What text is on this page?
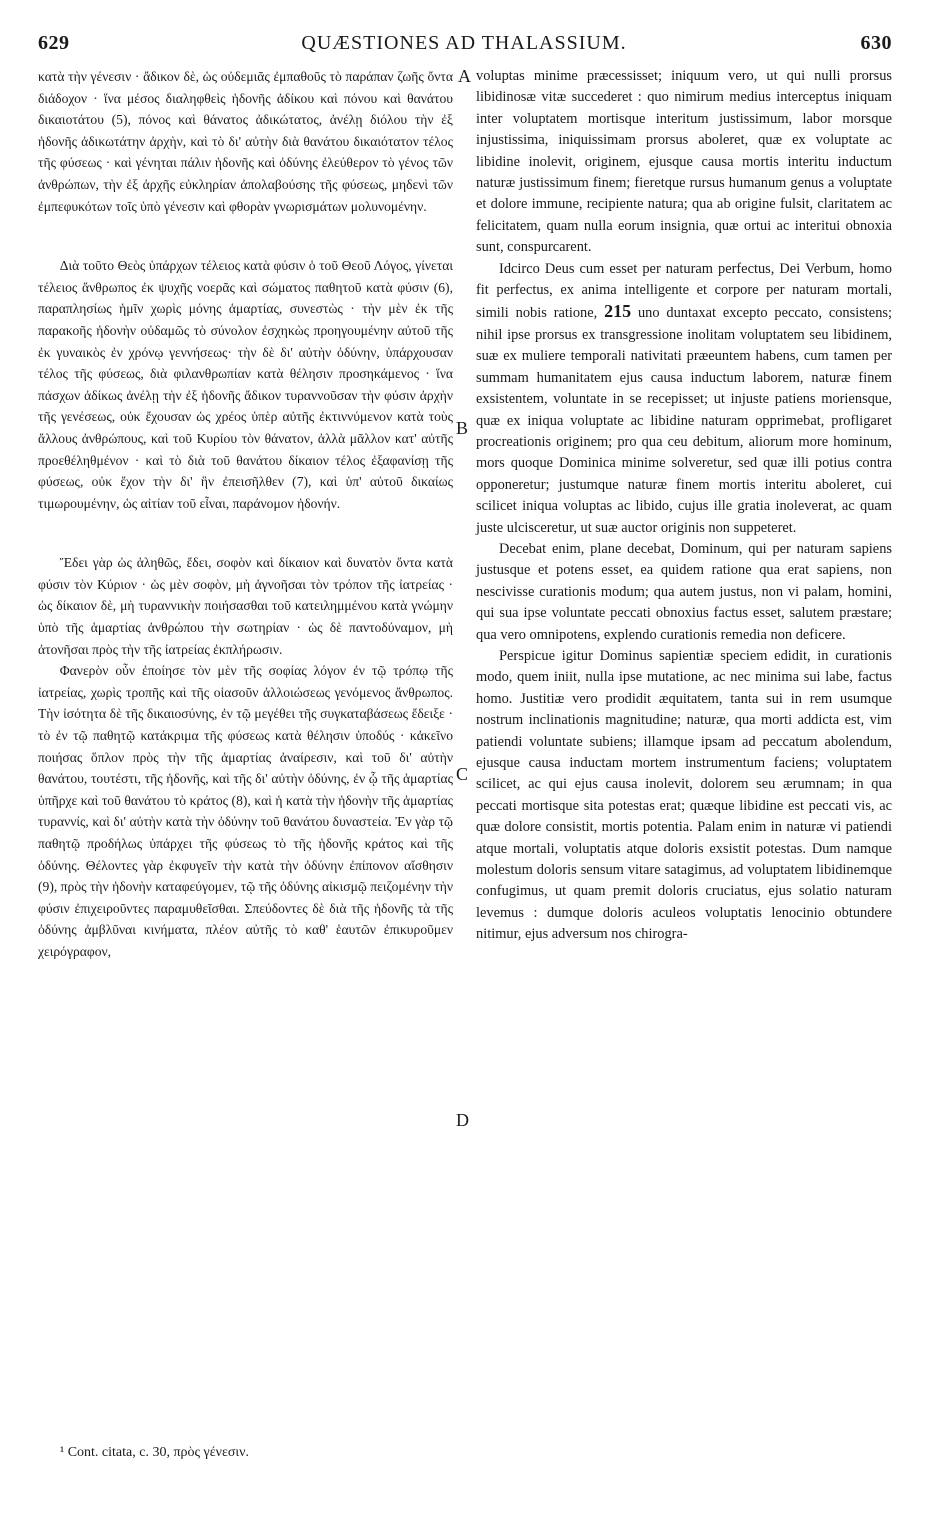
629	QUÆSTIONES AD THALASSIUM.	630

κατὰ τὴν γένεσιν · ἄδικον δὲ, ὡς οὐδεμιᾶς ἐμπαθοῦς τὸ παράπαν ζωῆς ὄντα διάδοχον · ἵνα μέσος διαληφθεὶς ἡδονῆς ἀδίκου καὶ πόνου καὶ θανάτου δικαιοτάτου (5), πόνος καὶ θάνατος ἀδικώτατος, ἀνέλῃ διόλου τὴν ἐξ ἡδονῆς ἀδικωτάτην ἀρχὴν, καὶ τὸ δι' αὐτὴν διὰ θανάτου δικαιότατον τέλος τῆς φύσεως · καὶ γένηται πάλιν ἡδονῆς καὶ ὀδύνης ἐλεύθερον τὸ γένος τῶν ἀνθρώπων, τὴν ἐξ ἀρχῆς εὐκληρίαν ἀπολαβούσης τῆς φύσεως, μηδενὶ τῶν ἐμπεφυκότων τοῖς ὑπὸ γένεσιν καὶ φθορὰν γνωρισμάτων μολυνομένην.

Διὰ τοῦτο Θεὸς ὑπάρχων τέλειος κατὰ φύσιν ὁ τοῦ Θεοῦ Λόγος, γίνεται τέλειος ἄνθρωπος ἐκ ψυχῆς νοερᾶς καὶ σώματος παθητοῦ κατὰ φύσιν (6), παραπλησίως ἡμῖν χωρὶς μόνης ἁμαρτίας, συνεστὼς · τὴν μὲν ἐκ τῆς παρακοῆς ἡδονὴν οὐδαμῶς τὸ σύνολον ἐσχηκὼς προηγουμένην αὐτοῦ τῆς ἐκ γυναικὸς ἐν χρόνῳ γεννήσεως· τὴν δὲ δι' αὐτὴν ὀδύνην, ὑπάρχουσαν τέλος τῆς φύσεως, διὰ φιλανθρωπίαν κατὰ θέλησιν προσηκάμενος · ἵνα πάσχων ἀδίκως ἀνέλῃ τὴν ἐξ ἡδονῆς ἄδικον τυραννοῦσαν τὴν φύσιν ἀρχὴν τῆς γενέσεως, οὐκ ἔχουσαν ὡς χρέος ὑπὲρ αὐτῆς ἐκτιννύμενον κατὰ τοὺς ἄλλους ἀνθρώπους, καὶ τοῦ Κυρίου τὸν θάνατον, ἀλλὰ μᾶλλον κατ' αὐτῆς προεθέληθμένον · καὶ τὸ διὰ τοῦ θανάτου δίκαιον τέλος ἐξαφανίσῃ τῆς φύσεως, οὐκ ἔχον τὴν δι' ἣν ἐπεισῆλθεν (7), καὶ ὑπ' αὐτοῦ δικαίως τιμωρουμένην, ὡς αἰτίαν τοῦ εἶναι, παράνομον ἡδονήν.

Ἔδει γὰρ ὡς ἀληθῶς, ἔδει, σοφὸν καὶ δίκαιον καὶ δυνατὸν ὄντα κατὰ φύσιν τὸν Κύριον · ὡς μὲν σοφὸν, μὴ ἀγνοῆσαι τὸν τρόπον τῆς ἰατρείας · ὡς δίκαιον δὲ, μὴ τυραννικὴν ποιήσασθαι τοῦ κατειλημμένου κατὰ γνώμην ὑπὸ τῆς ἁμαρτίας ἀνθρώπου τὴν σωτηρίαν · ὡς δὲ παντοδύναμον, μὴ ἀτονῆσαι πρὸς τὴν τῆς ἰατρείας ἐκπλήρωσιν.

Φανερὸν οὖν ἐποίησε τὸν μὲν τῆς σοφίας λόγον ἐν τῷ τρόπῳ τῆς ἰατρείας, χωρὶς τροπῆς καὶ τῆς οἱασοῦν ἀλλοιώσεως γενόμενος ἄνθρωπος. Τὴν ἰσότητα δὲ τῆς δικαιοσύνης, ἐν τῷ μεγέθει τῆς συγκαταβάσεως ἔδειξε · τὸ ἐν τῷ παθητῷ κατάκριμα τῆς φύσεως κατὰ θέλησιν ὑποδύς · κἀκεῖνο ποιήσας ὅπλον πρὸς τὴν τῆς ἁμαρτίας ἀναίρεσιν, καὶ τοῦ δι' αὐτὴν θανάτου, τουτέστι, τῆς ἡδονῆς, καὶ τῆς δι' αὐτὴν ὀδύνης, ἐν ᾧ τῆς ἁμαρτίας ὑπῆρχε καὶ τοῦ θανάτου τὸ κράτος (8), καὶ ἡ κατὰ τὴν ἡδονὴν τῆς ἁμαρτίας τυραννίς, καὶ δι' αὐτὴν κατὰ τὴν ὀδύνην τοῦ θανάτου δυναστεία. Ἐν γὰρ τῷ παθητῷ προδήλως ὑπάρχει τῆς φύσεως τὸ τῆς ἡδονῆς κράτος καὶ τῆς ὀδύνης. Θέλοντες γὰρ ἐκφυγεῖν τὴν κατὰ τὴν ὀδύνην ἐπίπονον αἴσθησιν (9), πρὸς τὴν ἡδονὴν καταφεύγομεν, τῷ τῆς ὀδύνης αἰκισμῷ πειζομένην τὴν φύσιν ἐπιχειροῦντες παραμυθεῖσθαι. Σπεύδοντες δὲ διὰ τῆς ἡδονῆς τὰ τῆς ὀδύνης ἀμβλῦναι κινήματα, πλέον αὐτῆς τὸ καθ' ἑαυτῶν ἐπικυροῦμεν χειρόγραφον,

A
B
C
D

voluptas minime præcessisset; iniquum vero, ut qui nulli prorsus libidinosæ vitæ succederet : quo nimirum medius interceptus iniquam inter voluptatem mortisque interitum justissimum, labor morsque injustissima, iniquissimam prorsus aboleret, quæ ex voluptate ac libidine inolevit, originem, ejusque causa mortis interitu inductum naturæ justissimum finem; fieretque rursus humanum genus a voluptate et dolore immune, recipiente natura; qua ab origine fulsit, claritatem ac felicitatem, quam nulla eorum insignia, quæ ortui ac interitui obnoxia sunt, conspurcarent.

Idcirco Deus cum esset per naturam perfectus, Dei Verbum, homo fit perfectus, ex anima intelligente et corpore per naturam mortali, simili nobis ratione, 215 uno duntaxat excepto peccato, consistens; nihil ipse prorsus ex transgressione inolitam voluptatem seu libidinem, suæ ex muliere temporali nativitati præeuntem habens, cum tamen per summam humanitatem ejus causa inductum laborem, naturæ finem exsistentem, voluntate in se recepisset; ut injuste patiens moriensque, quæ ex iniqua voluptate ac libidine naturam opprimebat, profligaret procreationis originem; pro qua ceu debitum, aliorum more hominum, mors quoque Dominica minime solveretur, sed quæ illi potius contra opponeretur; justumque naturæ finem mortis interitu aboleret, cui scilicet iniqua voluptas ac libido, cujus ille gratia inoleverat, ac quam juste ulcisceretur, ut suæ auctor originis non suppeteret.

Decebat enim, plane decebat, Dominum, qui per naturam sapiens justusque et potens esset, ea quidem ratione qua erat sapiens, non nescivisse curationis modum; qua autem justus, non vi palam, homini, qui sua ipse voluntate peccati obnoxius factus esset, salutem præstare; qua vero omnipotens, explendo curationis remedia non deficere.

Perspicue igitur Dominus sapientiæ speciem edidit, in curationis modo, quem iniit, nulla ipse mutatione, ac nec minima sui labe, factus homo. Justitiæ vero prodidit æquitatem, tanta sui in rem usumque nostrum inclinationis magnitudine; naturæ, qua morti addicta est, vim patiendi voluntate subiens; illamque ipsam ad peccatum abolendum, ejusque causa inductam mortem instrumentum faciens; voluptatem scilicet, ac qui ejus causa inolevit, dolorem seu ærumnam; in qua peccati mortisque sita potestas erat; quæque libidine est peccati vis, ac quæ dolore consistit, mortis potentia. Palam enim in naturæ vi patiendi atque mortali, voluptatis atque doloris exsistit potestas. Dum namque molestum doloris sensum vitare satagimus, ad voluptatem libidinemque confugimus, ut quam premit doloris cruciatus, ejus solatio naturam levemus : dumque doloris aculeos voluptatis lenocinio obtundere nitimur, ejus adversum nos chirogra-

¹ Cont. citata, c. 30, πρὸς γένεσιν.
